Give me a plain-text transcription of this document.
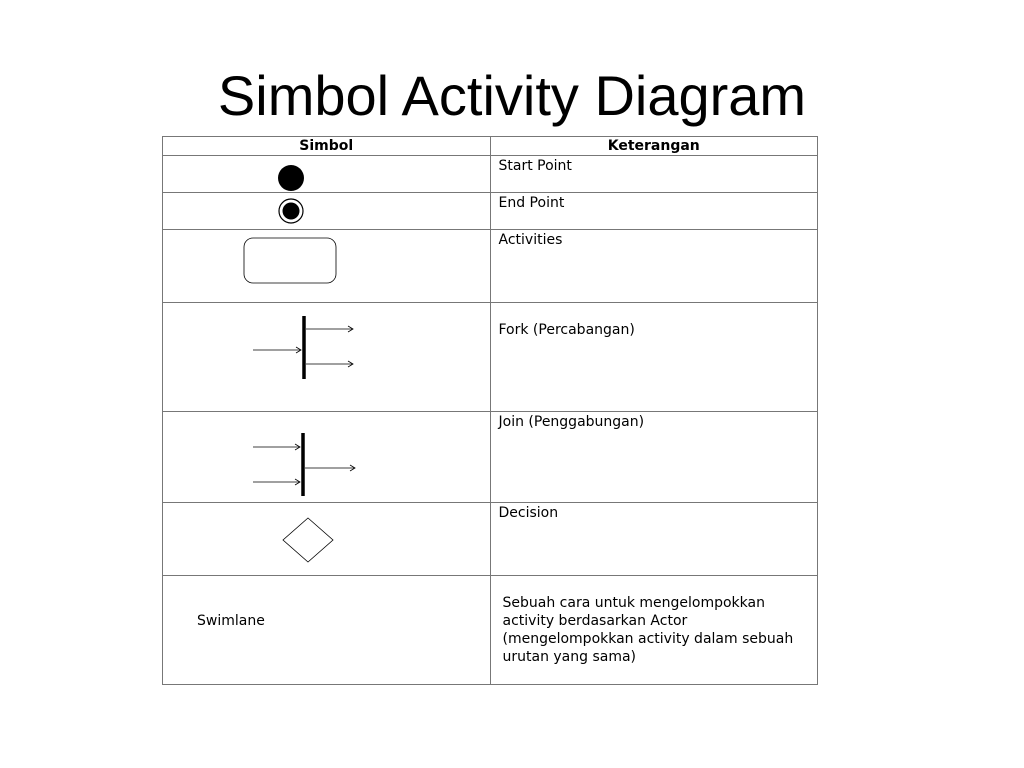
Simbol Activity Diagram
Simbol	Keterangan

Start Point

End Point

Activities

Fork (Percabangan)

Join (Penggabungan)

Decision

Swimlane	Sebuah cara untuk mengelompokkan activity berdasarkan Actor (mengelompokkan activity dalam sebuah urutan yang sama)
